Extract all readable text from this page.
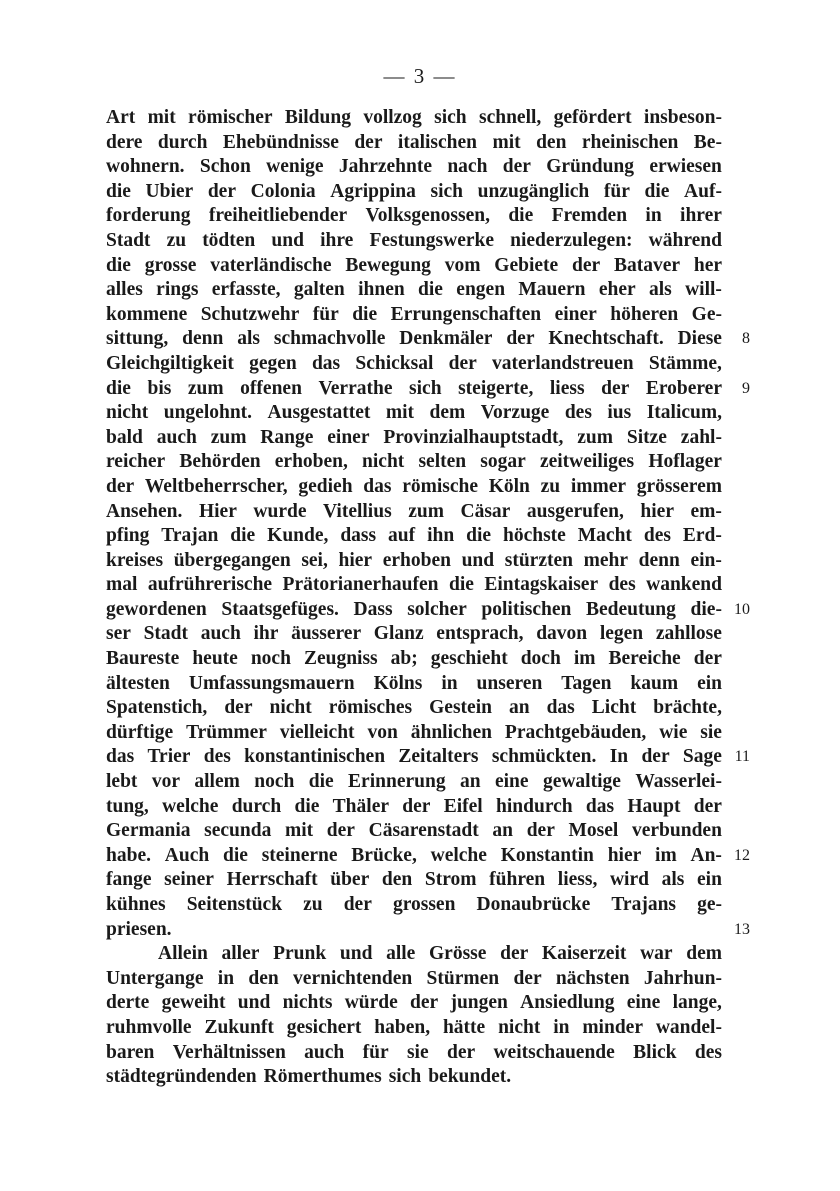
— 3 —
Art mit römischer Bildung vollzog sich schnell, gefördert insbeson-
dere durch Ehebündnisse der italischen mit den rheinischen Be-
wohnern. Schon wenige Jahrzehnte nach der Gründung erwiesen
die Ubier der Colonia Agrippina sich unzugänglich für die Auf-
forderung freiheitliebender Volksgenossen, die Fremden in ihrer
Stadt zu tödten und ihre Festungswerke niederzulegen: während
die grosse vaterländische Bewegung vom Gebiete der Bataver her
alles rings erfasste, galten ihnen die engen Mauern eher als will-
kommene Schutzwehr für die Errungenschaften einer höheren Ge-
sittung, denn als schmachvolle Denkmäler der Knechtschaft. Diese 8
Gleichgiltigkeit gegen das Schicksal der vaterlandstreuen Stämme,
die bis zum offenen Verrathe sich steigerte, liess der Eroberer 9
nicht ungelohnt. Ausgestattet mit dem Vorzuge des ius Italicum,
bald auch zum Range einer Provinzialhauptstadt, zum Sitze zahl-
reicher Behörden erhoben, nicht selten sogar zeitweiliges Hoflager
der Weltbeherrscher, gedieh das römische Köln zu immer grösserem
Ansehen. Hier wurde Vitellius zum Cäsar ausgerufen, hier em-
pfing Trajan die Kunde, dass auf ihn die höchste Macht des Erd-
kreises übergegangen sei, hier erhoben und stürzten mehr denn ein-
mal aufrührerische Prätorianerhaufen die Eintagskaiser des wankend
gewordenen Staatsgefüges. Dass solcher politischen Bedeutung die- 10
ser Stadt auch ihr äusserer Glanz entsprach, davon legen zahllose
Baureste heute noch Zeugniss ab; geschieht doch im Bereiche der
ältesten Umfassungsmauern Kölns in unseren Tagen kaum ein
Spatenstich, der nicht römisches Gestein an das Licht brächte,
dürftige Trümmer vielleicht von ähnlichen Prachtgebäuden, wie sie
das Trier des konstantinischen Zeitalters schmückten. In der Sage 11
lebt vor allem noch die Erinnerung an eine gewaltige Wasserlei-
tung, welche durch die Thäler der Eifel hindurch das Haupt der
Germania secunda mit der Cäsarenstadt an der Mosel verbunden
habe. Auch die steinerne Brücke, welche Konstantin hier im An- 12
fange seiner Herrschaft über den Strom führen liess, wird als ein
kühnes Seitenstück zu der grossen Donaubrücke Trajans ge-
priesen.	13
Allein aller Prunk und alle Grösse der Kaiserzeit war dem
Untergange in den vernichtenden Stürmen der nächsten Jahrhun-
derte geweiht und nichts würde der jungen Ansiedlung eine lange,
ruhmvolle Zukunft gesichert haben, hätte nicht in minder wandel-
baren Verhältnissen auch für sie der weitschauende Blick des
städtegründenden Römerthumes sich bekundet.
